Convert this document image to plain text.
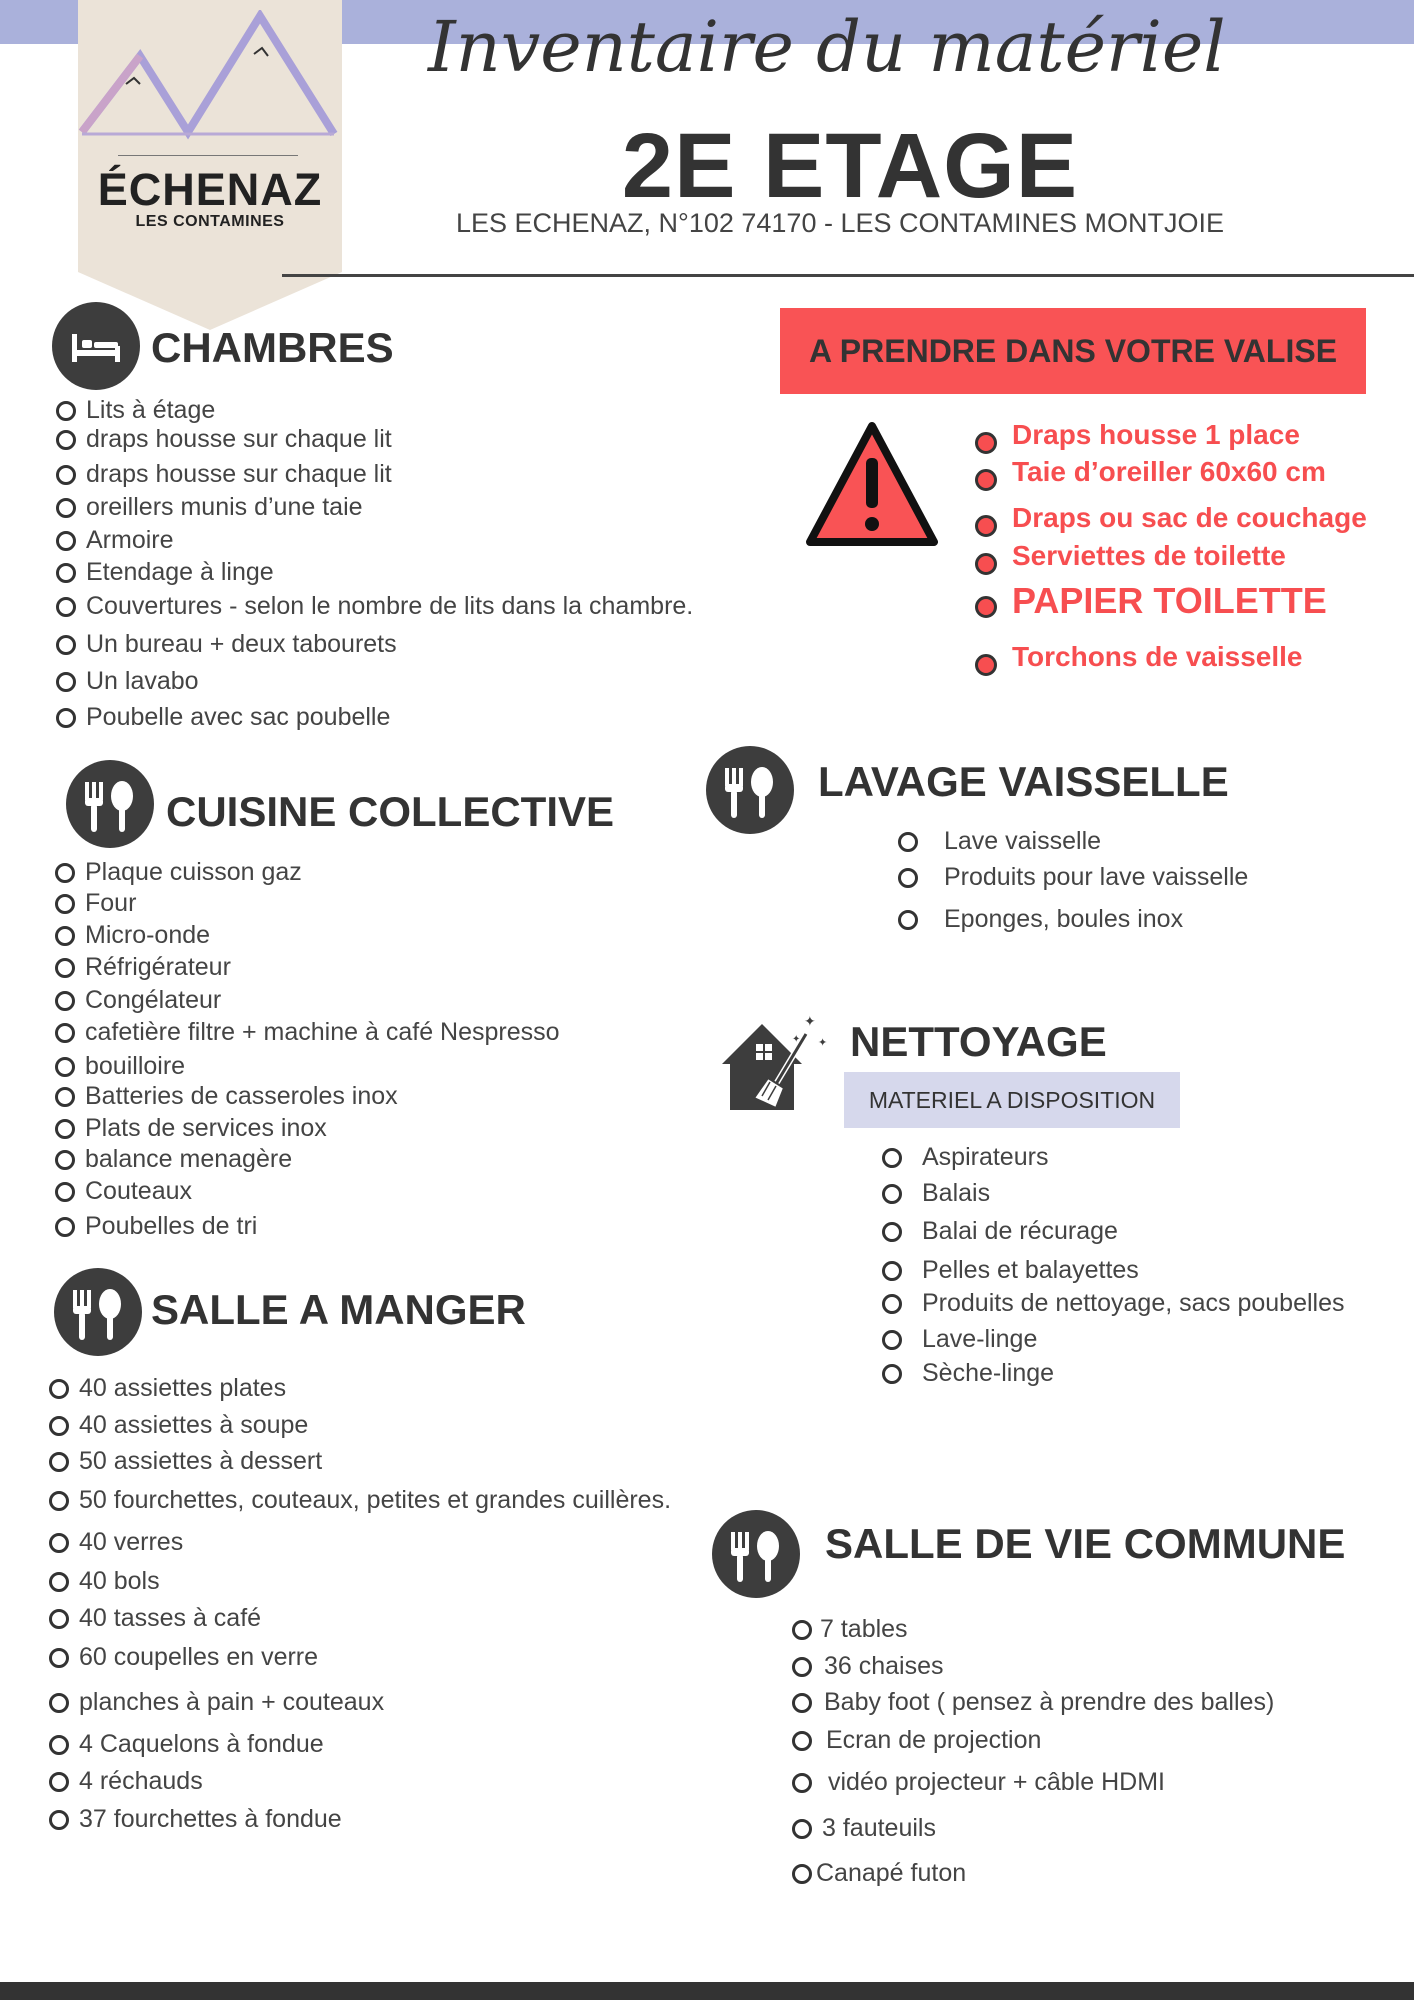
ÉCHENAZ
LES CONTAMINES
Inventaire du matériel
2E ETAGE
LES ECHENAZ, N°102 74170 - LES CONTAMINES MONTJOIE
CHAMBRES
Lits à étage
draps housse sur chaque lit
draps housse sur chaque lit
oreillers munis d’une taie
Armoire
Etendage à linge
Couvertures - selon le nombre de lits dans la chambre.
Un bureau + deux tabourets
Un lavabo
Poubelle avec sac poubelle
A PRENDRE DANS VOTRE VALISE
Draps housse 1 place
Taie d’oreiller 60x60 cm
Draps ou sac de couchage
Serviettes de toilette
PAPIER TOILETTE
Torchons de vaisselle
CUISINE COLLECTIVE
Plaque cuisson gaz
Four
Micro-onde
Réfrigérateur
Congélateur
cafetière filtre + machine à café Nespresso
bouilloire
Batteries de casseroles inox
Plats de services inox
balance menagère
Couteaux
Poubelles de tri
LAVAGE VAISSELLE
Lave vaisselle
Produits pour lave vaisselle
Eponges, boules inox
✦
✦
✦ NETTOYAGE
MATERIEL A DISPOSITION
Aspirateurs
Balais
Balai de récurage
Pelles et balayettes
Produits de nettoyage, sacs poubelles
Lave-linge
Sèche-linge
SALLE A MANGER
40 assiettes plates
40 assiettes à soupe
50 assiettes à dessert
50 fourchettes, couteaux, petites et grandes cuillères.
40 verres
40 bols
40 tasses à café
60 coupelles en verre
planches à pain + couteaux
4 Caquelons à fondue
4 réchauds
37 fourchettes à fondue
SALLE DE VIE COMMUNE
7 tables
36 chaises
Baby foot ( pensez à prendre des balles)
Ecran de projection
vidéo projecteur + câble HDMI
3 fauteuils
Canapé futon
